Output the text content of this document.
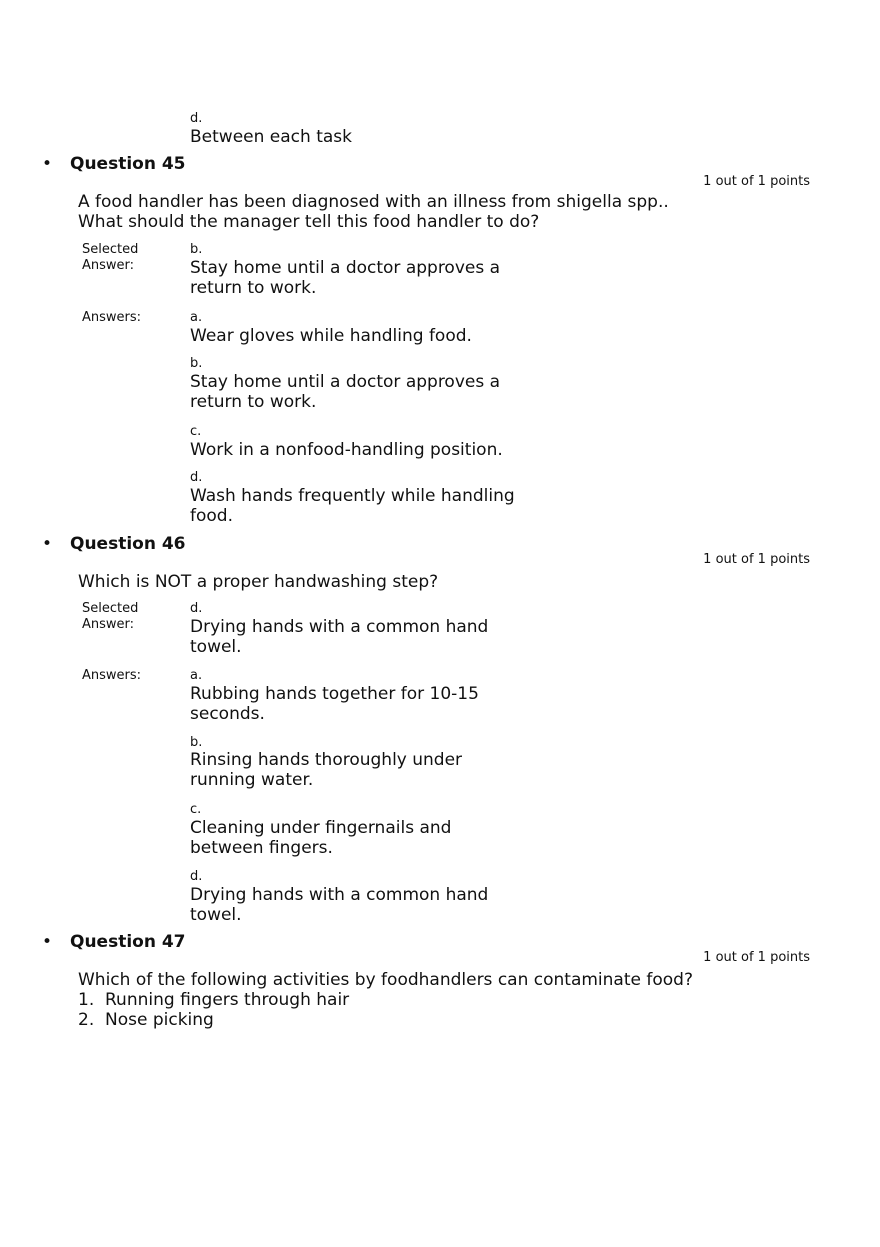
d.
Between each task
• Question 45
1 out of 1 points
A food handler has been diagnosed with an illness from shigella spp..
What should the manager tell this food handler to do?
Selected
Answer:
b.
Stay home until a doctor approves a
return to work.
Answers:	a.
Wear gloves while handling food.
b.
Stay home until a doctor approves a
return to work.
c.
Work in a nonfood-handling position.
d.
Wash hands frequently while handling
food.
• Question 46
1 out of 1 points
Which is NOT a proper handwashing step?
Selected
Answer:
d.
Drying hands with a common hand
towel.
Answers:	a.
Rubbing hands together for 10-15
seconds.
b.
Rinsing hands thoroughly under
running water.
c.
Cleaning under fingernails and
between fingers.
d.
Drying hands with a common hand
towel.
• Question 47
1 out of 1 points
Which of the following activities by foodhandlers can contaminate food?
1. Running fingers through hair
2. Nose picking
